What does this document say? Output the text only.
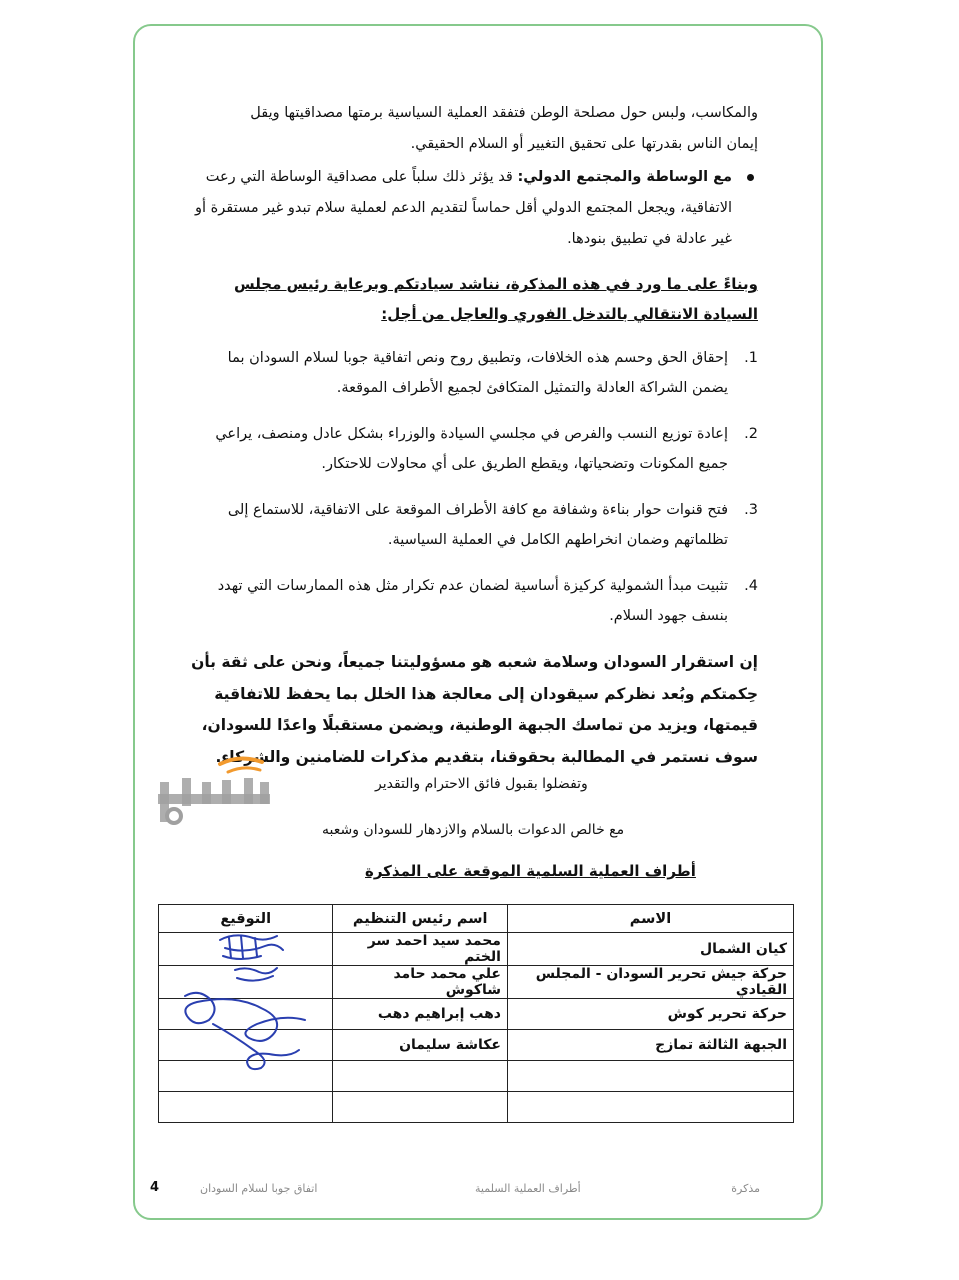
والمكاسب، ولبس حول مصلحة الوطن فتفقد العملية السياسية برمتها مصداقيتها ويقل إيمان الناس بقدرتها على تحقيق التغيير أو السلام الحقيقي.

مع الوساطة والمجتمع الدولي: قد يؤثر ذلك سلباً على مصداقية الوساطة التي رعت الاتفاقية، ويجعل المجتمع الدولي أقل حماساً لتقديم الدعم لعملية سلام تبدو غير مستقرة أو غير عادلة في تطبيق بنودها.

وبناءً على ما ورد في هذه المذكرة، نناشد سيادتكم وبرعاية رئيس مجلس السيادة الانتقالي بالتدخل الفوري والعاجل من أجل:

1.
إحقاق الحق وحسم هذه الخلافات، وتطبيق روح ونص اتفاقية جوبا لسلام السودان بما يضمن الشراكة العادلة والتمثيل المتكافئ لجميع الأطراف الموقعة.
2.
إعادة توزيع النسب والفرص في مجلسي السيادة والوزراء بشكل عادل ومنصف، يراعي جميع المكونات وتضحياتها، ويقطع الطريق على أي محاولات للاحتكار.
3.
فتح قنوات حوار بناءة وشفافة مع كافة الأطراف الموقعة على الاتفاقية، للاستماع إلى تظلماتهم وضمان انخراطهم الكامل في العملية السياسية.
4.
تثبيت مبدأ الشمولية كركيزة أساسية لضمان عدم تكرار مثل هذه الممارسات التي تهدد بنسف جهود السلام.

إن استقرار السودان وسلامة شعبه هو مسؤوليتنا جميعاً، ونحن على ثقة بأن حِكمتكم وبُعد نظركم سيقودان إلى معالجة هذا الخلل بما يحفظ للاتفاقية قيمتها، ويزيد من تماسك الجبهة الوطنية، ويضمن مستقبلًا واعدًا للسودان، سوف نستمر في المطالبة بحقوقنا، بتقديم مذكرات للضامنين والشركاء.

وتفضلوا بقبول فائق الاحترام والتقدير
مع خالص الدعوات بالسلام والازدهار للسودان وشعبه
أطراف العملية السلمية الموقعة على المذكرة
الاسم	اسم رئيس التنظيم	التوقيع
كيان الشمال	محمد سيد احمد سر الختم	
حركة جيش تحرير السودان - المجلس القيادي	علي محمد حامد شاكوش	
حركة تحرير كوش	دهب إبراهيم دهب	
الجبهة الثالثة تمازج	عكاشة سليمان	

4	اتفاق جوبا لسلام السودان	أطراف العملية السلمية	مذكرة
